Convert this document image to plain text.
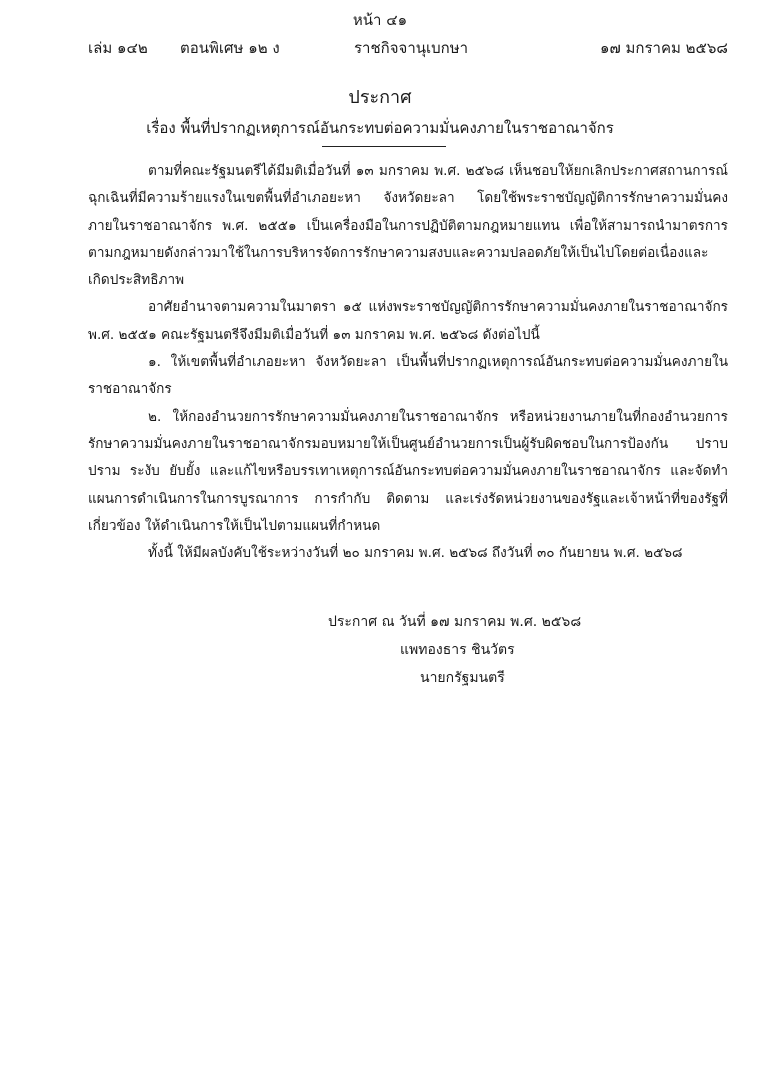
หน้า ๔๑
เล่ม ๑๔๒ ตอนพิเศษ ๑๒ ง	ราชกิจจานุเบกษา	๑๗ มกราคม ๒๕๖๘
ประกาศ
เรื่อง พื้นที่ปรากฏเหตุการณ์อันกระทบต่อความมั่นคงภายในราชอาณาจักร

ตามที่คณะรัฐมนตรีได้มีมติเมื่อวันที่ ๑๓ มกราคม พ.ศ. ๒๕๖๘ เห็นชอบให้ยกเลิกประกาศสถานการณ์ฉุกเฉินที่มีความร้ายแรงในเขตพื้นที่อำเภอยะหา จังหวัดยะลา โดยใช้พระราชบัญญัติการรักษาความมั่นคงภายในราชอาณาจักร พ.ศ. ๒๕๕๑ เป็นเครื่องมือในการปฏิบัติตามกฎหมายแทน เพื่อให้สามารถนำมาตรการตามกฎหมายดังกล่าวมาใช้ในการบริหารจัดการรักษาความสงบและความปลอดภัยให้เป็นไปโดยต่อเนื่องและเกิดประสิทธิภาพ

อาศัยอำนาจตามความในมาตรา ๑๕ แห่งพระราชบัญญัติการรักษาความมั่นคงภายในราชอาณาจักร พ.ศ. ๒๕๕๑ คณะรัฐมนตรีจึงมีมติเมื่อวันที่ ๑๓ มกราคม พ.ศ. ๒๕๖๘ ดังต่อไปนี้

๑. ให้เขตพื้นที่อำเภอยะหา จังหวัดยะลา เป็นพื้นที่ปรากฏเหตุการณ์อันกระทบต่อความมั่นคงภายในราชอาณาจักร

๒. ให้กองอำนวยการรักษาความมั่นคงภายในราชอาณาจักร หรือหน่วยงานภายในที่กองอำนวยการรักษาความมั่นคงภายในราชอาณาจักรมอบหมายให้เป็นศูนย์อำนวยการเป็นผู้รับผิดชอบในการป้องกัน ปราบปราม ระงับ ยับยั้ง และแก้ไขหรือบรรเทาเหตุการณ์อันกระทบต่อความมั่นคงภายในราชอาณาจักร และจัดทำแผนการดำเนินการในการบูรณาการ การกำกับ ติดตาม และเร่งรัดหน่วยงานของรัฐและเจ้าหน้าที่ของรัฐที่เกี่ยวข้อง ให้ดำเนินการให้เป็นไปตามแผนที่กำหนด

ทั้งนี้ ให้มีผลบังคับใช้ระหว่างวันที่ ๒๐ มกราคม พ.ศ. ๒๕๖๘ ถึงวันที่ ๓๐ กันยายน พ.ศ. ๒๕๖๘

ประกาศ ณ วันที่ ๑๗ มกราคม พ.ศ. ๒๕๖๘
แพทองธาร ชินวัตร
นายกรัฐมนตรี
